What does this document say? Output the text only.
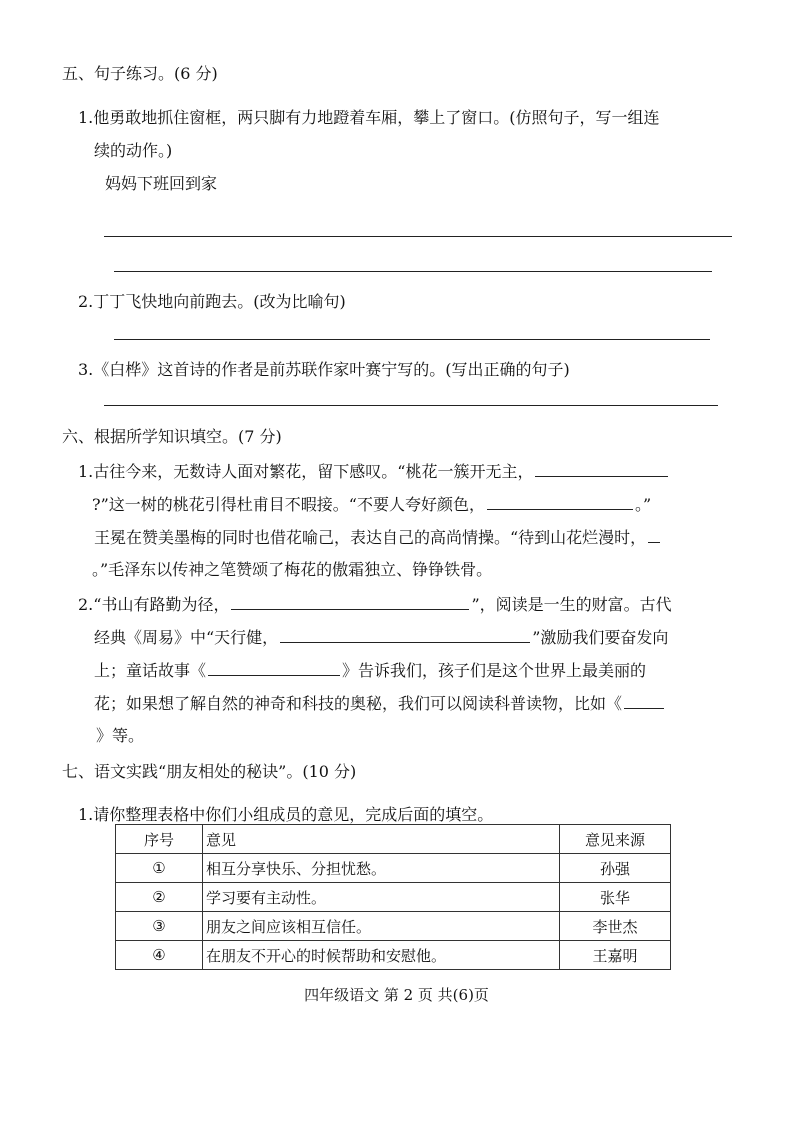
五、句子练习。(6 分)
1.他勇敢地抓住窗框，两只脚有力地蹬着车厢，攀上了窗口。(仿照句子，写一组连
续的动作。)
妈妈下班回到家
2.丁丁飞快地向前跑去。(改为比喻句)
3.《白桦》这首诗的作者是前苏联作家叶赛宁写的。(写出正确的句子)
六、根据所学知识填空。(7 分)
1.古往今来，无数诗人面对繁花，留下感叹。“桃花一簇开无主，
?”这一树的桃花引得杜甫目不暇接。“不要人夸好颜色，	。”
王冕在赞美墨梅的同时也借花喻己，表达自己的高尚情操。“待到山花烂漫时，
。”毛泽东以传神之笔赞颂了梅花的傲霜独立、铮铮铁骨。
2.“书山有路勤为径，	”，阅读是一生的财富。古代
经典《周易》中“天行健，	”激励我们要奋发向
上；童话故事《	》告诉我们，孩子们是这个世界上最美丽的
花；如果想了解自然的神奇和科技的奥秘，我们可以阅读科普读物，比如《
》等。
七、语文实践“朋友相处的秘诀”。(10 分)
1.请你整理表格中你们小组成员的意见，完成后面的填空。
序号	意见	意见来源
①	相互分享快乐、分担忧愁。	孙强
②	学习要有主动性。	张华
③	朋友之间应该相互信任。	李世杰
④	在朋友不开心的时候帮助和安慰他。	王嘉明
四年级语文 第 2 页 共(6)页
